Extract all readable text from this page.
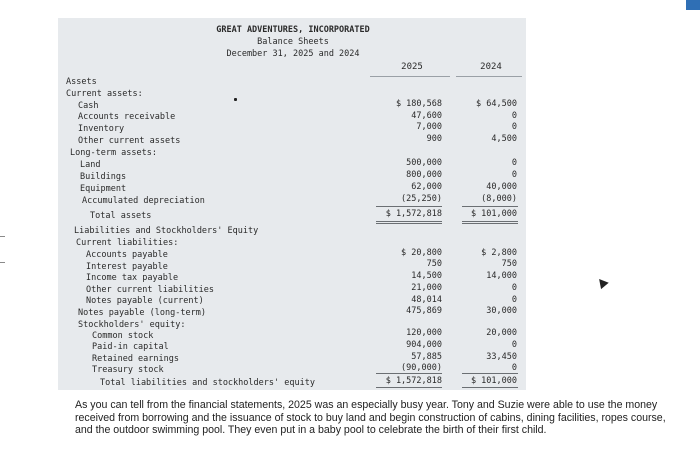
GREAT ADVENTURES, INCORPORATED
Balance Sheets
December 31, 2025 and 2024
2025	2024
Assets
Current assets:
Cash	$ 180,568	$ 64,500
Accounts receivable	47,600	0
Inventory	7,000	0
Other current assets	900	4,500
Long-term assets:
Land	500,000	0
Buildings	800,000	0
Equipment	62,000	40,000
Accumulated depreciation	(25,250)	(8,000)
Total assets	$ 1,572,818	$ 101,000
Liabilities and Stockholders' Equity
Current liabilities:
Accounts payable	$ 20,800	$ 2,800
Interest payable	750	750
Income tax payable	14,500	14,000
Other current liabilities	21,000	0
Notes payable (current)	48,014	0
Notes payable (long-term)	475,869	30,000
Stockholders' equity:
Common stock	120,000	20,000
Paid-in capital	904,000	0
Retained earnings	57,885	33,450
Treasury stock	(90,000)	0
Total liabilities and stockholders' equity	$ 1,572,818	$ 101,000
As you can tell from the financial statements, 2025 was an especially busy year. Tony and Suzie were able to use the money received from borrowing and the issuance of stock to buy land and begin construction of cabins, dining facilities, ropes course, and the outdoor swimming pool. They even put in a baby pool to celebrate the birth of their first child.
